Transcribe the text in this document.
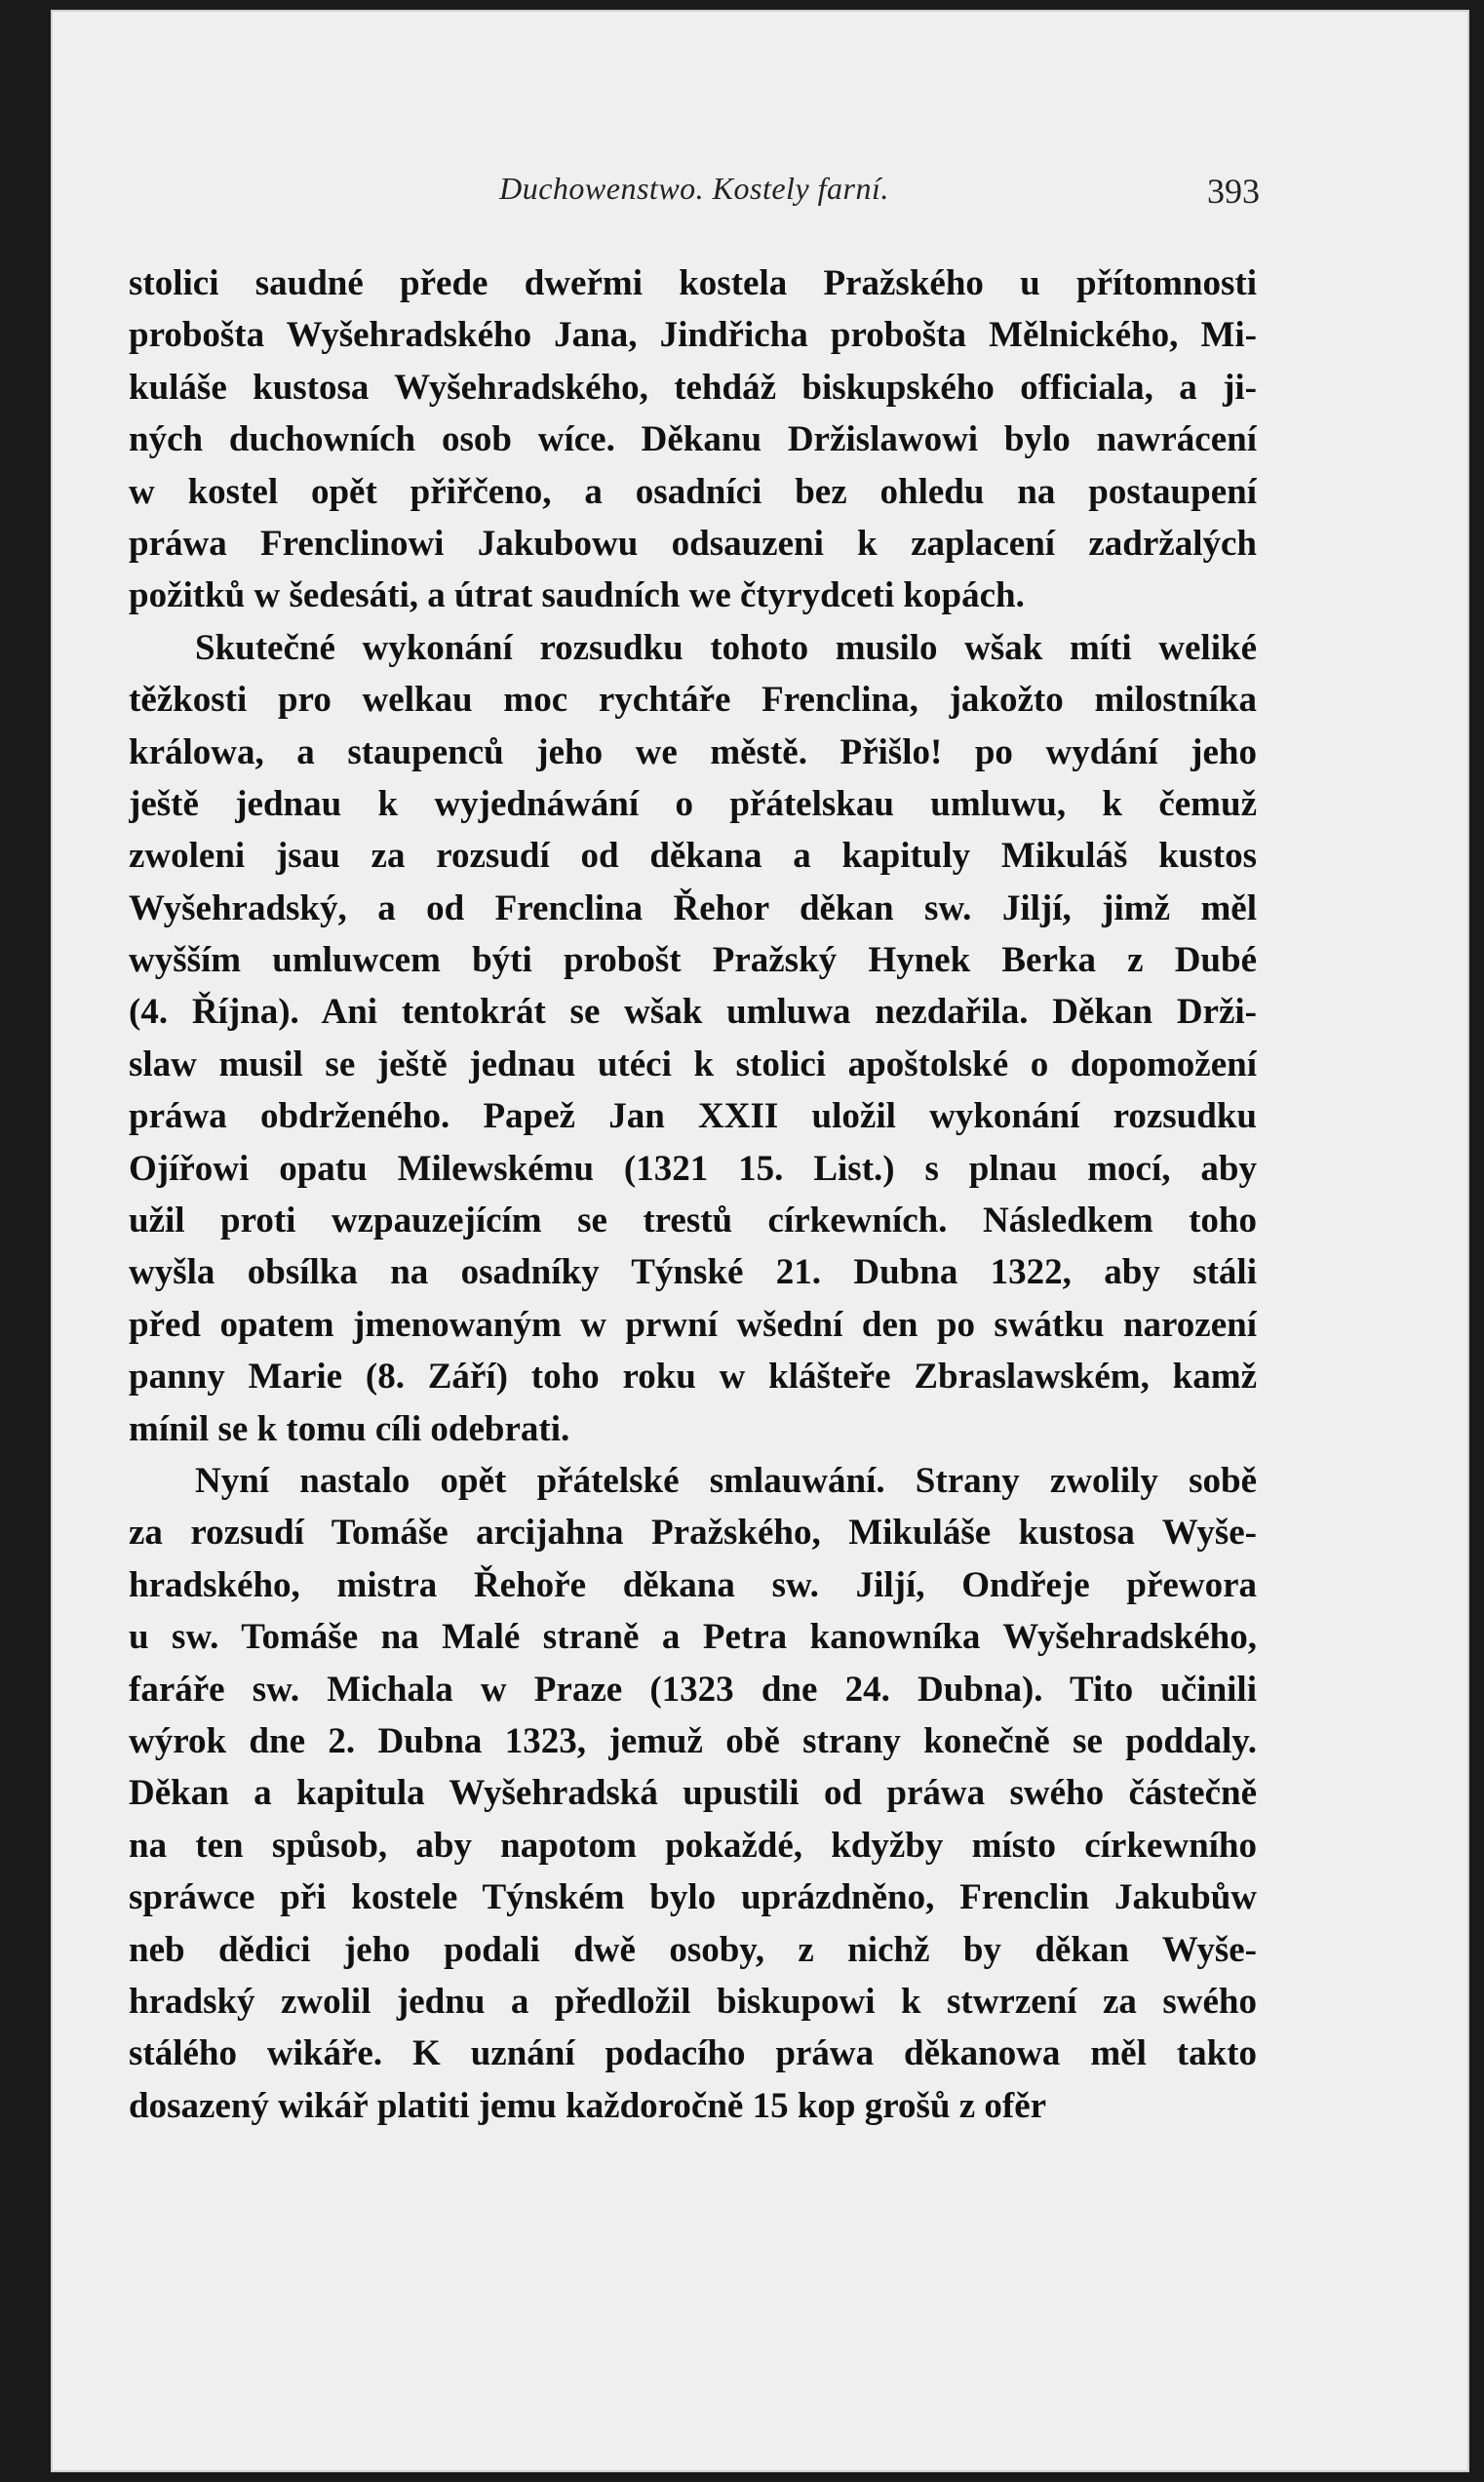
Duchowenstwo. Kostely farní.	393
stolici saudné přede dweřmi kostela Pražského u přítomnosti
probošta Wyšehradského Jana, Jindřicha probošta Mělnického, Mi-
kuláše kustosa Wyšehradského, tehdáž biskupského officiala, a ji-
ných duchowních osob wíce. Děkanu Držislawowi bylo nawrácení
w kostel opět přiřčeno, a osadníci bez ohledu na postaupení
práwa Frenclinowi Jakubowu odsauzeni k zaplacení zadržalých
požitků w šedesáti, a útrat saudních we čtyrydceti kopách.
Skutečné wykonání rozsudku tohoto musilo wšak míti weliké
těžkosti pro welkau moc rychtáře Frenclina, jakožto milostníka
králowa, a staupenců jeho we městě. Přišlo! po wydání jeho
ještě jednau k wyjednáwání o přátelskau umluwu, k čemuž
zwoleni jsau za rozsudí od děkana a kapituly Mikuláš kustos
Wyšehradský, a od Frenclina Řehor děkan sw. Jiljí, jimž měl
wyšším umluwcem býti probošt Pražský Hynek Berka z Dubé
(4. Října). Ani tentokrát se wšak umluwa nezdařila. Děkan Drži-
slaw musil se ještě jednau utéci k stolici apoštolské o dopomožení
práwa obdrženého. Papež Jan XXII uložil wykonání rozsudku
Ojířowi opatu Milewskému (1321 15. List.) s plnau mocí, aby
užil proti wzpauzejícím se trestů církewních. Následkem toho
wyšla obsílka na osadníky Týnské 21. Dubna 1322, aby stáli
před opatem jmenowaným w prwní wšední den po swátku narození
panny Marie (8. Září) toho roku w klášteře Zbraslawském, kamž
mínil se k tomu cíli odebrati.
Nyní nastalo opět přátelské smlauwání. Strany zwolily sobě
za rozsudí Tomáše arcijahna Pražského, Mikuláše kustosa Wyše-
hradského, mistra Řehoře děkana sw. Jiljí, Ondřeje přewora
u sw. Tomáše na Malé straně a Petra kanowníka Wyšehradského,
faráře sw. Michala w Praze (1323 dne 24. Dubna). Tito učinili
wýrok dne 2. Dubna 1323, jemuž obě strany konečně se poddaly.
Děkan a kapitula Wyšehradská upustili od práwa swého částečně
na ten spůsob, aby napotom pokaždé, kdyžby místo církewního
spráwce při kostele Týnském bylo uprázdněno, Frenclin Jakubůw
neb dědici jeho podali dwě osoby, z nichž by děkan Wyše-
hradský zwolil jednu a předložil biskupowi k stwrzení za swého
stálého wikáře. K uznání podacího práwa děkanowa měl takto
dosazený wikář platiti jemu každoročně 15 kop grošů z ofěr
